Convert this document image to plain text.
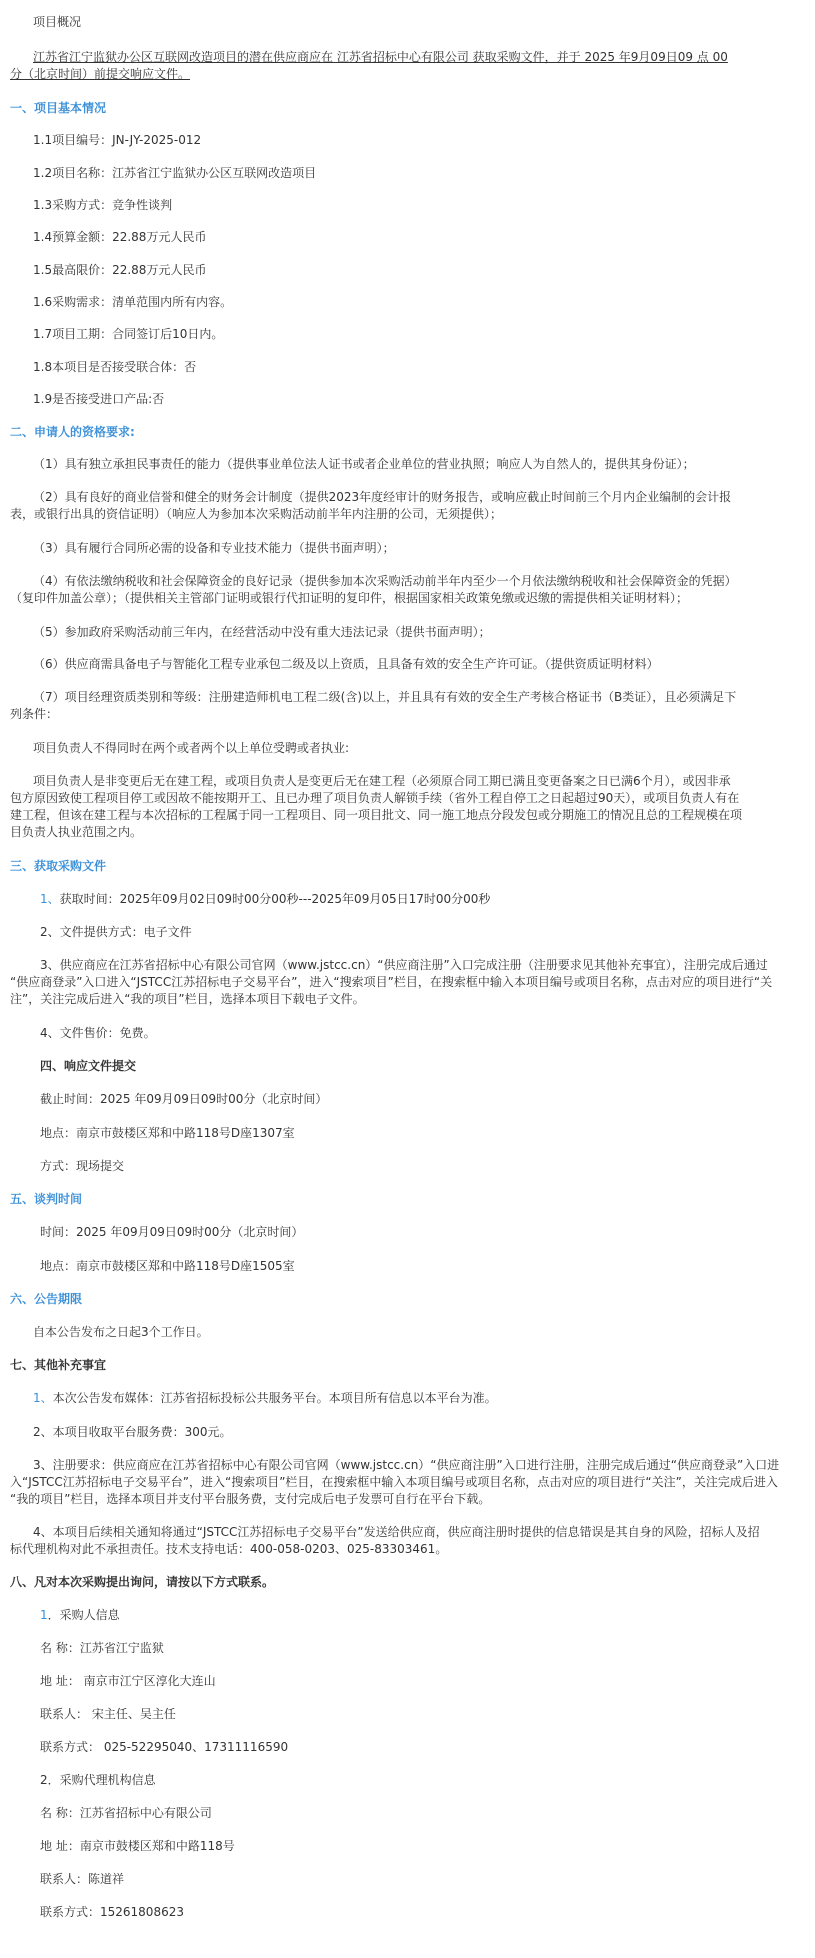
项目概况
江苏省江宁监狱办公区互联网改造项目的潜在供应商应在 江苏省招标中心有限公司 获取采购文件，并于 2025 年9月09日09 点 00
分（北京时间）前提交响应文件。
一、项目基本情况
1.1项目编号：JN-JY-2025-012
1.2项目名称：江苏省江宁监狱办公区互联网改造项目
1.3采购方式：竞争性谈判
1.4预算金额：22.88万元人民币
1.5最高限价：22.88万元人民币
1.6采购需求：清单范围内所有内容。
1.7项目工期：合同签订后10日内。
1.8本项目是否接受联合体：否
1.9是否接受进口产品:否
二、申请人的资格要求:
（1）具有独立承担民事责任的能力（提供事业单位法人证书或者企业单位的营业执照；响应人为自然人的，提供其身份证）；
（2）具有良好的商业信誉和健全的财务会计制度（提供2023年度经审计的财务报告，或响应截止时间前三个月内企业编制的会计报
表，或银行出具的资信证明）（响应人为参加本次采购活动前半年内注册的公司，无须提供）；
（3）具有履行合同所必需的设备和专业技术能力（提供书面声明）；
（4）有依法缴纳税收和社会保障资金的良好记录（提供参加本次采购活动前半年内至少一个月依法缴纳税收和社会保障资金的凭据）
（复印件加盖公章）；（提供相关主管部门证明或银行代扣证明的复印件，根据国家相关政策免缴或迟缴的需提供相关证明材料）；
（5）参加政府采购活动前三年内，在经营活动中没有重大违法记录（提供书面声明）；
（6）供应商需具备电子与智能化工程专业承包二级及以上资质，且具备有效的安全生产许可证。（提供资质证明材料）
（7）项目经理资质类别和等级：注册建造师机电工程二级(含)以上，并且具有有效的安全生产考核合格证书（B类证），且必须满足下
列条件：
项目负责人不得同时在两个或者两个以上单位受聘或者执业:
项目负责人是非变更后无在建工程，或项目负责人是变更后无在建工程（必须原合同工期已满且变更备案之日已满6个月），或因非承
包方原因致使工程项目停工或因故不能按期开工、且已办理了项目负责人解锁手续（省外工程自停工之日起超过90天），或项目负责人有在
建工程，但该在建工程与本次招标的工程属于同一工程项目、同一项目批文、同一施工地点分段发包或分期施工的情况且总的工程规模在项
目负责人执业范围之内。
三、获取采购文件
1、获取时间：2025年09月02日09时00分00秒---2025年09月05日17时00分00秒
2、文件提供方式：电子文件
3、供应商应在江苏省招标中心有限公司官网（www.jstcc.cn）“供应商注册”入口完成注册（注册要求见其他补充事宜），注册完成后通过
“供应商登录”入口进入“JSTCC江苏招标电子交易平台”，进入“搜索项目”栏目，在搜索框中输入本项目编号或项目名称，点击对应的项目进行“关
注”，关注完成后进入“我的项目”栏目，选择本项目下载电子文件。
4、文件售价：免费。
四、响应文件提交
截止时间：2025 年09月09日09时00分（北京时间）
地点：南京市鼓楼区郑和中路118号D座1307室
方式：现场提交
五、谈判时间
时间：2025 年09月09日09时00分（北京时间）
地点：南京市鼓楼区郑和中路118号D座1505室
六、公告期限
自本公告发布之日起3个工作日。
七、其他补充事宜
1、本次公告发布媒体：江苏省招标投标公共服务平台。本项目所有信息以本平台为准。
2、本项目收取平台服务费：300元。
3、注册要求：供应商应在江苏省招标中心有限公司官网（www.jstcc.cn）“供应商注册”入口进行注册，注册完成后通过“供应商登录”入口进
入“JSTCC江苏招标电子交易平台”，进入“搜索项目”栏目，在搜索框中输入本项目编号或项目名称，点击对应的项目进行“关注”，关注完成后进入
“我的项目”栏目，选择本项目并支付平台服务费，支付完成后电子发票可自行在平台下载。
4、本项目后续相关通知将通过“JSTCC江苏招标电子交易平台”发送给供应商，供应商注册时提供的信息错误是其自身的风险，招标人及招
标代理机构对此不承担责任。技术支持电话：400-058-0203、025-83303461。
八、凡对本次采购提出询问，请按以下方式联系。
1．采购人信息
名 称：江苏省江宁监狱
地 址： 南京市江宁区淳化大连山
联系人： 宋主任、吴主任
联系方式： 025-52295040、17311116590
2．采购代理机构信息
名 称：江苏省招标中心有限公司
地 址：南京市鼓楼区郑和中路118号
联系人：陈道祥
联系方式：15261808623
